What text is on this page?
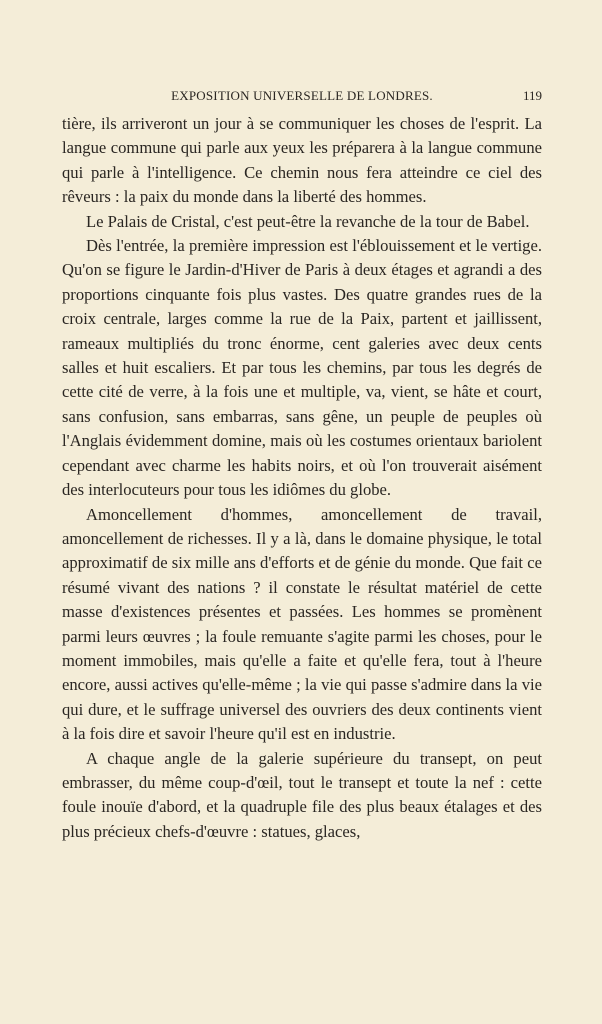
EXPOSITION UNIVERSELLE DE LONDRES.	119

tière, ils arriveront un jour à se communiquer les choses de l'esprit. La langue commune qui parle aux yeux les préparera à la langue commune qui parle à l'intelligence. Ce chemin nous fera atteindre ce ciel des rêveurs : la paix du monde dans la liberté des hommes.

Le Palais de Cristal, c'est peut-être la revanche de la tour de Babel.

Dès l'entrée, la première impression est l'éblouissement et le vertige. Qu'on se figure le Jardin-d'Hiver de Paris à deux étages et agrandi a des proportions cinquante fois plus vastes. Des quatre grandes rues de la croix centrale, larges comme la rue de la Paix, partent et jaillissent, rameaux multipliés du tronc énorme, cent galeries avec deux cents salles et huit escaliers. Et par tous les chemins, par tous les degrés de cette cité de verre, à la fois une et multiple, va, vient, se hâte et court, sans confusion, sans embarras, sans gêne, un peuple de peuples où l'Anglais évidemment domine, mais où les costumes orientaux bariolent cependant avec charme les habits noirs, et où l'on trouverait aisément des interlocuteurs pour tous les idiômes du globe.

Amoncellement d'hommes, amoncellement de travail, amoncellement de richesses. Il y a là, dans le domaine physique, le total approximatif de six mille ans d'efforts et de génie du monde. Que fait ce résumé vivant des nations ? il constate le résultat matériel de cette masse d'existences présentes et passées. Les hommes se promènent parmi leurs œuvres ; la foule remuante s'agite parmi les choses, pour le moment immobiles, mais qu'elle a faite et qu'elle fera, tout à l'heure encore, aussi actives qu'elle-même ; la vie qui passe s'admire dans la vie qui dure, et le suffrage universel des ouvriers des deux continents vient à la fois dire et savoir l'heure qu'il est en industrie.

A chaque angle de la galerie supérieure du transept, on peut embrasser, du même coup-d'œil, tout le transept et toute la nef : cette foule inouïe d'abord, et la quadruple file des plus beaux étalages et des plus précieux chefs-d'œuvre : statues, glaces,
